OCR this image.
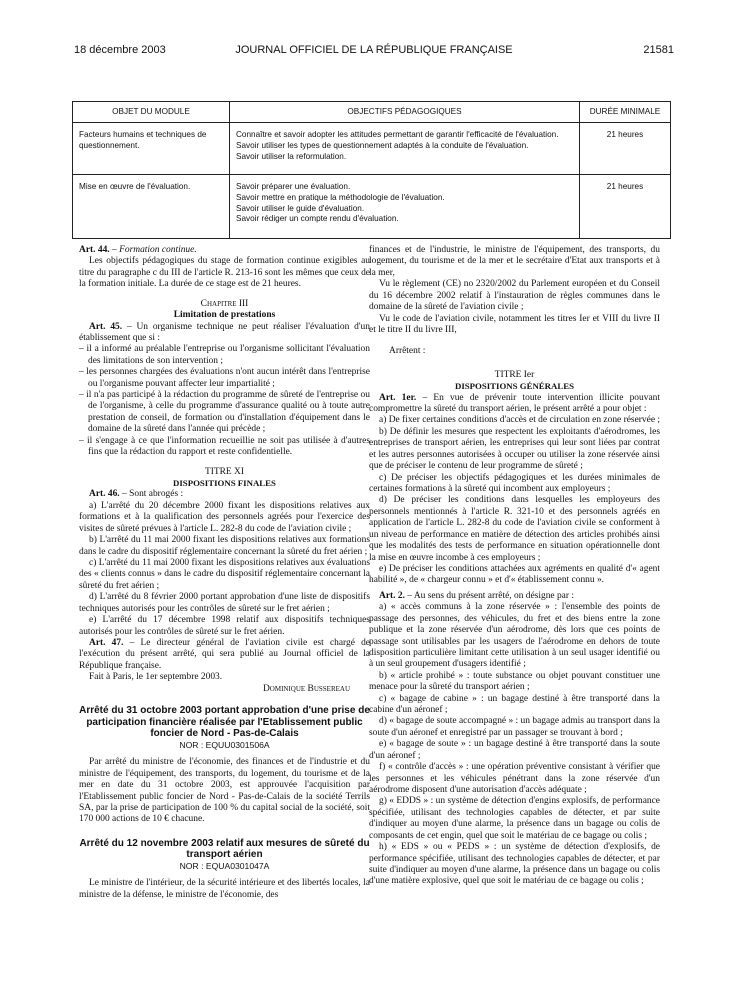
18 décembre 2003	JOURNAL OFFICIEL DE LA RÉPUBLIQUE FRANÇAISE	21581
OBJET DU MODULE	OBJECTIFS PÉDAGOGIQUES	DURÉE MINIMALE
Facteurs humains et techniques de questionnement.	Connaître et savoir adopter les attitudes permettant de garantir l'efficacité de l'évaluation.
Savoir utiliser les types de questionnement adaptés à la conduite de l'évaluation.
Savoir utiliser la reformulation.	21 heures
Mise en œuvre de l'évaluation.	Savoir préparer une évaluation.
Savoir mettre en pratique la méthodologie de l'évaluation.
Savoir utiliser le guide d'évaluation.
Savoir rédiger un compte rendu d'évaluation.	21 heures

Art. 44. – Formation continue.

Les objectifs pédagogiques du stage de formation continue exigibles au titre du paragraphe c du III de l'article R. 213-16 sont les mêmes que ceux de la formation initiale. La durée de ce stage est de 21 heures.

Chapitre III

Limitation de prestations

Art. 45. – Un organisme technique ne peut réaliser l'évaluation d'un établissement que si :

– il a informé au préalable l'entreprise ou l'organisme sollicitant l'évaluation des limitations de son intervention ;

– les personnes chargées des évaluations n'ont aucun intérêt dans l'entreprise ou l'organisme pouvant affecter leur impartialité ;

– il n'a pas participé à la rédaction du programme de sûreté de l'entreprise ou de l'organisme, à celle du programme d'assurance qualité ou à toute autre prestation de conseil, de formation ou d'installation d'équipement dans le domaine de la sûreté dans l'année qui précède ;

– il s'engage à ce que l'information recueillie ne soit pas utilisée à d'autres fins que la rédaction du rapport et reste confidentielle.

TITRE XI

DISPOSITIONS FINALES

Art. 46. – Sont abrogés :

a) L'arrêté du 20 décembre 2000 fixant les dispositions relatives aux formations et à la qualification des personnels agréés pour l'exercice des visites de sûreté prévues à l'article L. 282-8 du code de l'aviation civile ;

b) L'arrêté du 11 mai 2000 fixant les dispositions relatives aux formations dans le cadre du dispositif réglementaire concernant la sûreté du fret aérien ;

c) L'arrêté du 11 mai 2000 fixant les dispositions relatives aux évaluations des « clients connus » dans le cadre du dispositif réglementaire concernant la sûreté du fret aérien ;

d) L'arrêté du 8 février 2000 portant approbation d'une liste de dispositifs techniques autorisés pour les contrôles de sûreté sur le fret aérien ;

e) L'arrêté du 17 décembre 1998 relatif aux dispositifs techniques autorisés pour les contrôles de sûreté sur le fret aérien.

Art. 47. – Le directeur général de l'aviation civile est chargé de l'exécution du présent arrêté, qui sera publié au Journal officiel de la République française.

Fait à Paris, le 1er septembre 2003.

Dominique Bussereau

Arrêté du 31 octobre 2003 portant approbation d'une prise de participation financière réalisée par l'Etablissement public foncier de Nord - Pas-de-Calais

NOR : EQUU0301506A

Par arrêté du ministre de l'économie, des finances et de l'industrie et du ministre de l'équipement, des transports, du logement, du tourisme et de la mer en date du 31 octobre 2003, est approuvée l'acquisition par l'Etablissement public foncier de Nord - Pas-de-Calais de la société Terrils SA, par la prise de participation de 100 % du capital social de la société, soit 170 000 actions de 10 € chacune.

Arrêté du 12 novembre 2003 relatif aux mesures de sûreté du transport aérien

NOR : EQUA0301047A

Le ministre de l'intérieur, de la sécurité intérieure et des libertés locales, la ministre de la défense, le ministre de l'économie, des

finances et de l'industrie, le ministre de l'équipement, des transports, du logement, du tourisme et de la mer et le secrétaire d'Etat aux transports et à la mer,

Vu le règlement (CE) no 2320/2002 du Parlement européen et du Conseil du 16 décembre 2002 relatif à l'instauration de règles communes dans le domaine de la sûreté de l'aviation civile ;

Vu le code de l'aviation civile, notamment les titres Ier et VIII du livre II et le titre II du livre III,

Arrêtent :

TITRE Ier

DISPOSITIONS GÉNÉRALES

Art. 1er. – En vue de prévenir toute intervention illicite pouvant compromettre la sûreté du transport aérien, le présent arrêté a pour objet :

a) De fixer certaines conditions d'accès et de circulation en zone réservée ;

b) De définir les mesures que respectent les exploitants d'aérodromes, les entreprises de transport aérien, les entreprises qui leur sont liées par contrat et les autres personnes autorisées à occuper ou utiliser la zone réservée ainsi que de préciser le contenu de leur programme de sûreté ;

c) De préciser les objectifs pédagogiques et les durées minimales de certaines formations à la sûreté qui incombent aux employeurs ;

d) De préciser les conditions dans lesquelles les employeurs des personnels mentionnés à l'article R. 321-10 et des personnels agréés en application de l'article L. 282-8 du code de l'aviation civile se conforment à un niveau de performance en matière de détection des articles prohibés ainsi que les modalités des tests de performance en situation opérationnelle dont la mise en œuvre incombe à ces employeurs ;

e) De préciser les conditions attachées aux agréments en qualité d'« agent habilité », de « chargeur connu » et d'« établissement connu ».

Art. 2. – Au sens du présent arrêté, on désigne par :

a) « accès communs à la zone réservée » : l'ensemble des points de passage des personnes, des véhicules, du fret et des biens entre la zone publique et la zone réservée d'un aérodrome, dès lors que ces points de passage sont utilisables par les usagers de l'aérodrome en dehors de toute disposition particulière limitant cette utilisation à un seul usager identifié ou à un seul groupement d'usagers identifié ;

b) « article prohibé » : toute substance ou objet pouvant constituer une menace pour la sûreté du transport aérien ;

c) « bagage de cabine » : un bagage destiné à être transporté dans la cabine d'un aéronef ;

d) « bagage de soute accompagné » : un bagage admis au transport dans la soute d'un aéronef et enregistré par un passager se trouvant à bord ;

e) « bagage de soute » : un bagage destiné à être transporté dans la soute d'un aéronef ;

f) « contrôle d'accès » : une opération préventive consistant à vérifier que les personnes et les véhicules pénétrant dans la zone réservée d'un aérodrome disposent d'une autorisation d'accès adéquate ;

g) « EDDS » : un système de détection d'engins explosifs, de performance spécifiée, utilisant des technologies capables de détecter, et par suite d'indiquer au moyen d'une alarme, la présence dans un bagage ou colis de composants de cet engin, quel que soit le matériau de ce bagage ou colis ;

h) « EDS » ou « PEDS » : un système de détection d'explosifs, de performance spécifiée, utilisant des technologies capables de détecter, et par suite d'indiquer au moyen d'une alarme, la présence dans un bagage ou colis d'une matière explosive, quel que soit le matériau de ce bagage ou colis ;
